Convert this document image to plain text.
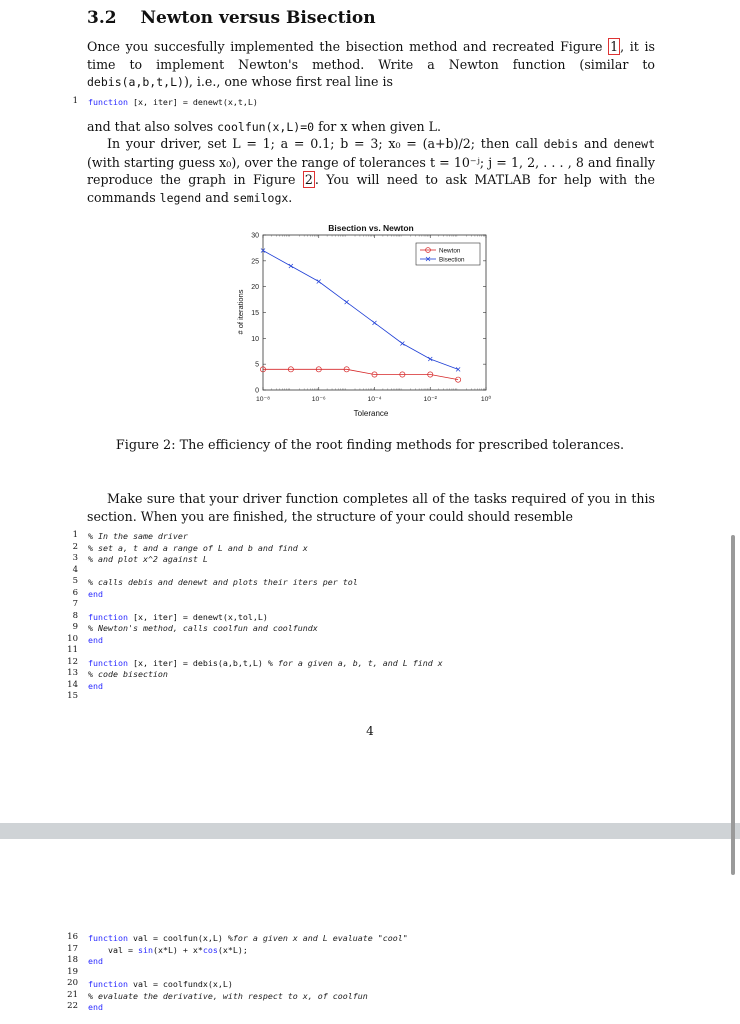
3.2 Newton versus Bisection
Once you succesfully implemented the bisection method and recreated Figure 1 , it is time to implement Newton's method. Write a Newton function (similar to debis(a,b,t,L)), i.e., one whose first real line is
1 function [x, iter] = denewt(x,t,L)
and that also solves coolfun(x,L)=0 for x when given L.
In your driver, set L = 1; a = 0.1; b = 3; x₀ = (a+b)/2; then call debis and denewt (with starting guess x₀), over the range of tolerances t = 10⁻ʲ; j = 1, 2, . . . , 8 and finally reproduce the graph in Figure 2 . You will need to ask MATLAB for help with the commands legend and semilogx.
Bisection vs. Newton
Tolerance
# of iterations
0
5
10
15
20
25
30
10⁻⁸	10⁻⁶	10⁻⁴	10⁻²	10⁰
Newton
Bisection
Figure 2: The efficiency of the root finding methods for prescribed tolerances.
Make sure that your driver function completes all of the tasks required of you in this section. When you are finished, the structure of your could should resemble
1 % In the same driver
2 % set a, t and a range of L and b and find x
3 % and plot x^2 against L
4
5 % calls debis and denewt and plots their iters per tol
6 end
7
8 function [x, iter] = denewt(x,tol,L)
9 % Newton's method, calls coolfun and coolfundx
10 end
11
12 function [x, iter] = debis(a,b,t,L) % for a given a, b, t, and L find x
13 % code bisection
14 end
15
4
16 function val = coolfun(x,L) %for a given x and L evaluate "cool"
17 val = sin(x*L) + x*cos(x*L);
18 end
19
20 function val = coolfundx(x,L)
21 % evaluate the derivative, with respect to x, of coolfun
22 end
